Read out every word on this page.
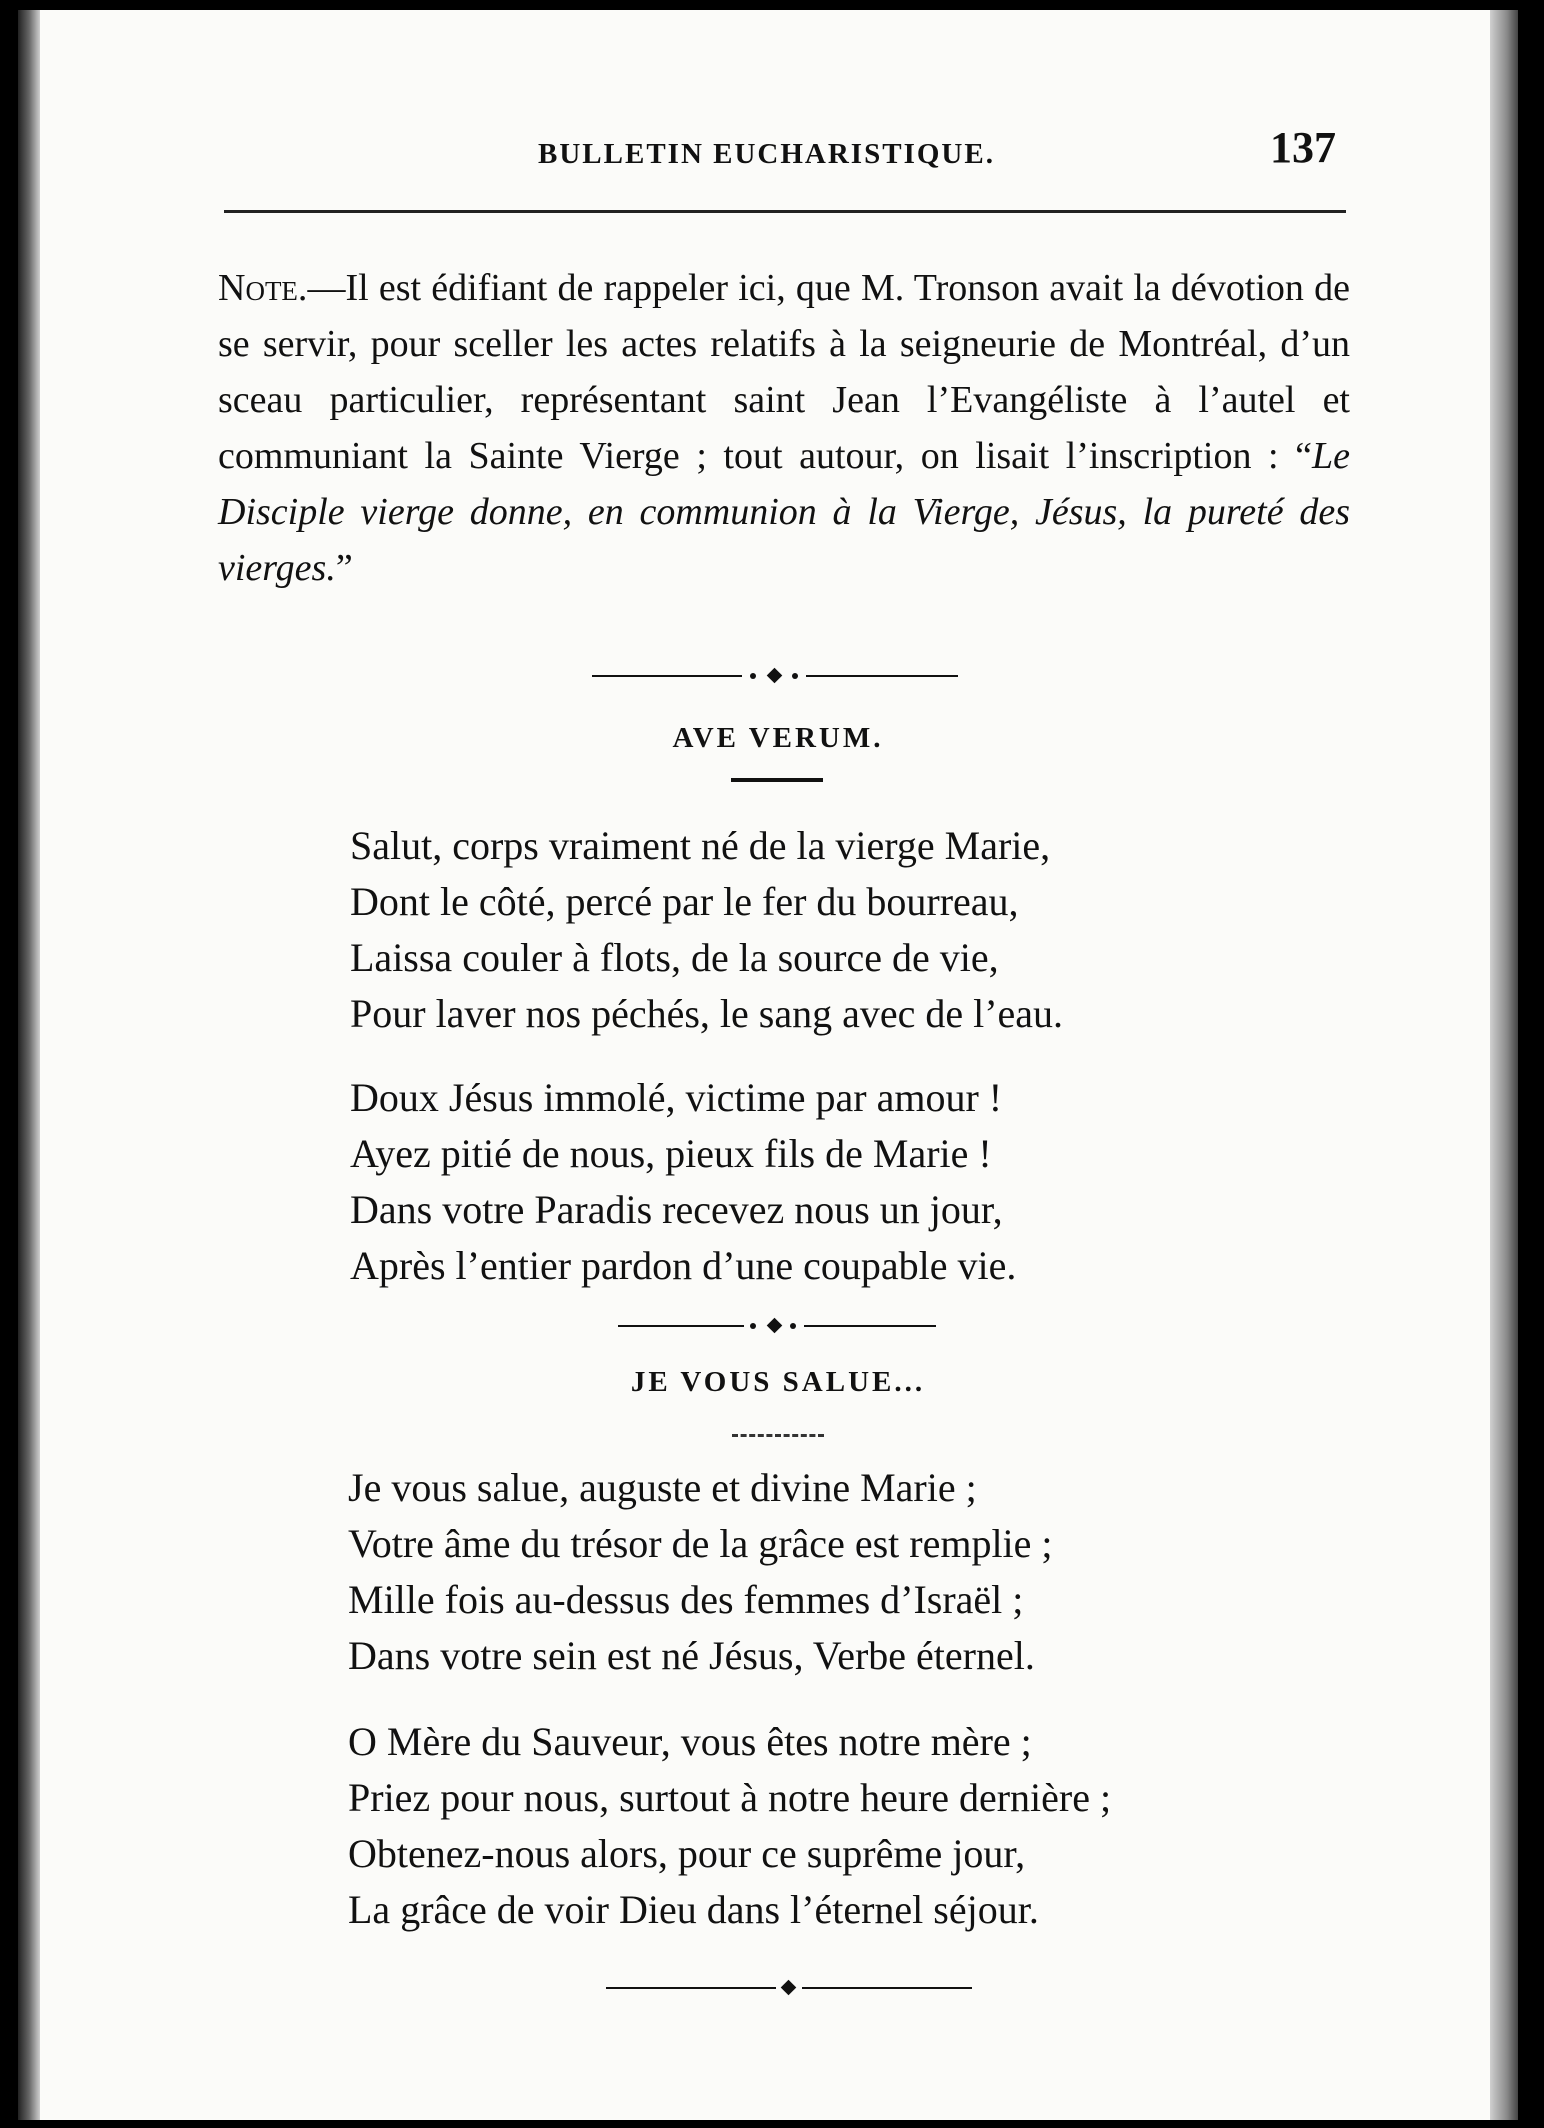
BULLETIN EUCHARISTIQUE.	137
Note.—Il est édifiant de rappeler ici, que M. Tronson avait la dévotion de se servir, pour sceller les actes relatifs à la seigneurie de Montréal, d’un sceau particulier, représentant saint Jean l’Evangéliste à l’autel et communiant la Sainte Vierge ; tout autour, on lisait l’inscription : “Le Disciple vierge donne, en communion à la Vierge, Jésus, la pureté des vierges.”
AVE VERUM.
Salut, corps vraiment né de la vierge Marie,
Dont le côté, percé par le fer du bourreau,
Laissa couler à flots, de la source de vie,
Pour laver nos péchés, le sang avec de l’eau.
Doux Jésus immolé, victime par amour !
Ayez pitié de nous, pieux fils de Marie !
Dans votre Paradis recevez nous un jour,
Après l’entier pardon d’une coupable vie.
JE VOUS SALUE...
Je vous salue, auguste et divine Marie ;
Votre âme du trésor de la grâce est remplie ;
Mille fois au-dessus des femmes d’Israël ;
Dans votre sein est né Jésus, Verbe éternel.
O Mère du Sauveur, vous êtes notre mère ;
Priez pour nous, surtout à notre heure dernière ;
Obtenez-nous alors, pour ce suprême jour,
La grâce de voir Dieu dans l’éternel séjour.
